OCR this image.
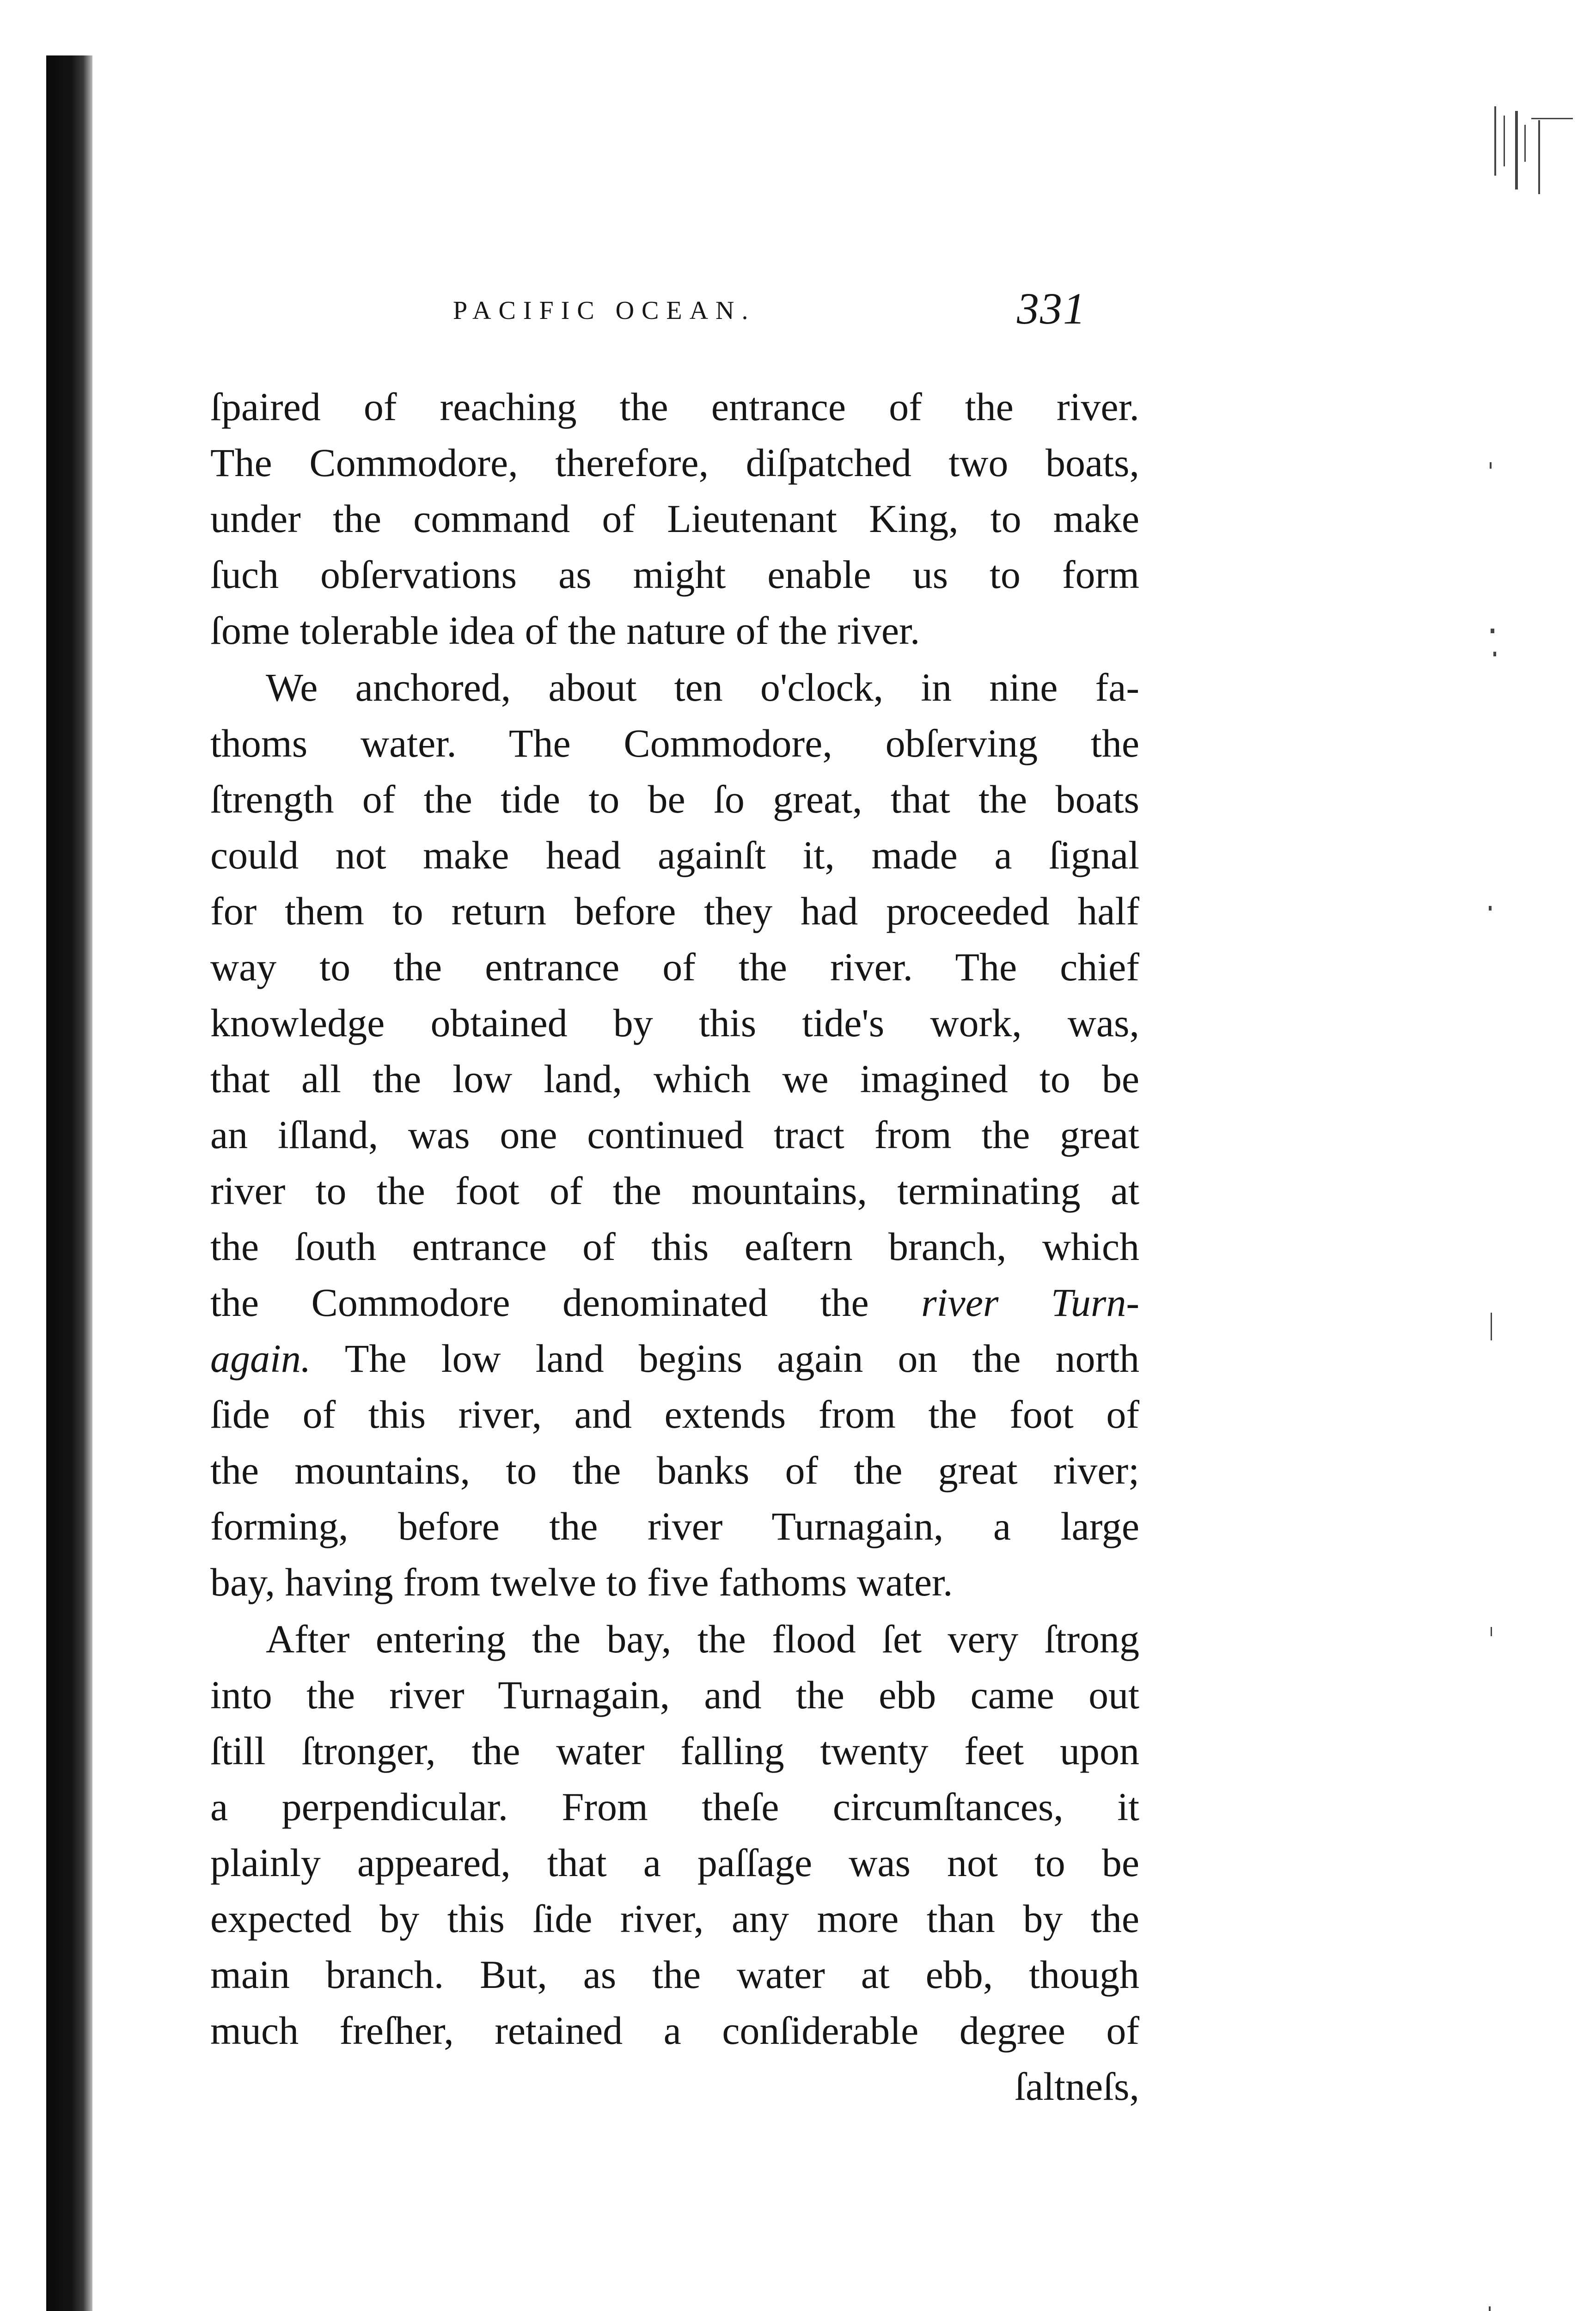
PACIFIC OCEAN.	331
ſpaired of reaching the entrance of the river.
The Commodore, therefore, diſpatched two boats,
under the command of Lieutenant King, to make
ſuch obſervations as might enable us to form
ſome tolerable idea of the nature of the river.
We anchored, about ten o'clock, in nine fa-
thoms water. The Commodore, obſerving the
ſtrength of the tide to be ſo great, that the boats
could not make head againſt it, made a ſignal
for them to return before they had proceeded half
way to the entrance of the river. The chief
knowledge obtained by this tide's work, was,
that all the low land, which we imagined to be
an iſland, was one continued tract from the great
river to the foot of the mountains, terminating at
the ſouth entrance of this eaſtern branch, which
the Commodore denominated the river Turn-
again. The low land begins again on the north
ſide of this river, and extends from the foot of
the mountains, to the banks of the great river;
forming, before the river Turnagain, a large
bay, having from twelve to five fathoms water.
After entering the bay, the flood ſet very ſtrong
into the river Turnagain, and the ebb came out
ſtill ſtronger, the water falling twenty feet upon
a perpendicular. From theſe circumſtances, it
plainly appeared, that a paſſage was not to be
expected by this ſide river, any more than by the
main branch. But, as the water at ebb, though
much freſher, retained a conſiderable degree of
ſaltneſs,
